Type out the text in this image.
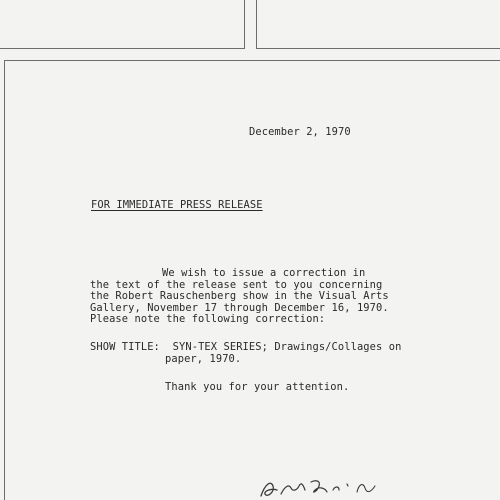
December 2, 1970

FOR IMMEDIATE PRESS RELEASE

We wish to issue a correction in
the text of the release sent to you concerning
the Robert Rauschenberg show in the Visual Arts
Gallery, November 17 through December 16, 1970.
Please note the following correction:
SHOW TITLE: SYN-TEX SERIES; Drawings/Collages on
paper, 1970.

Thank you for your attention.
